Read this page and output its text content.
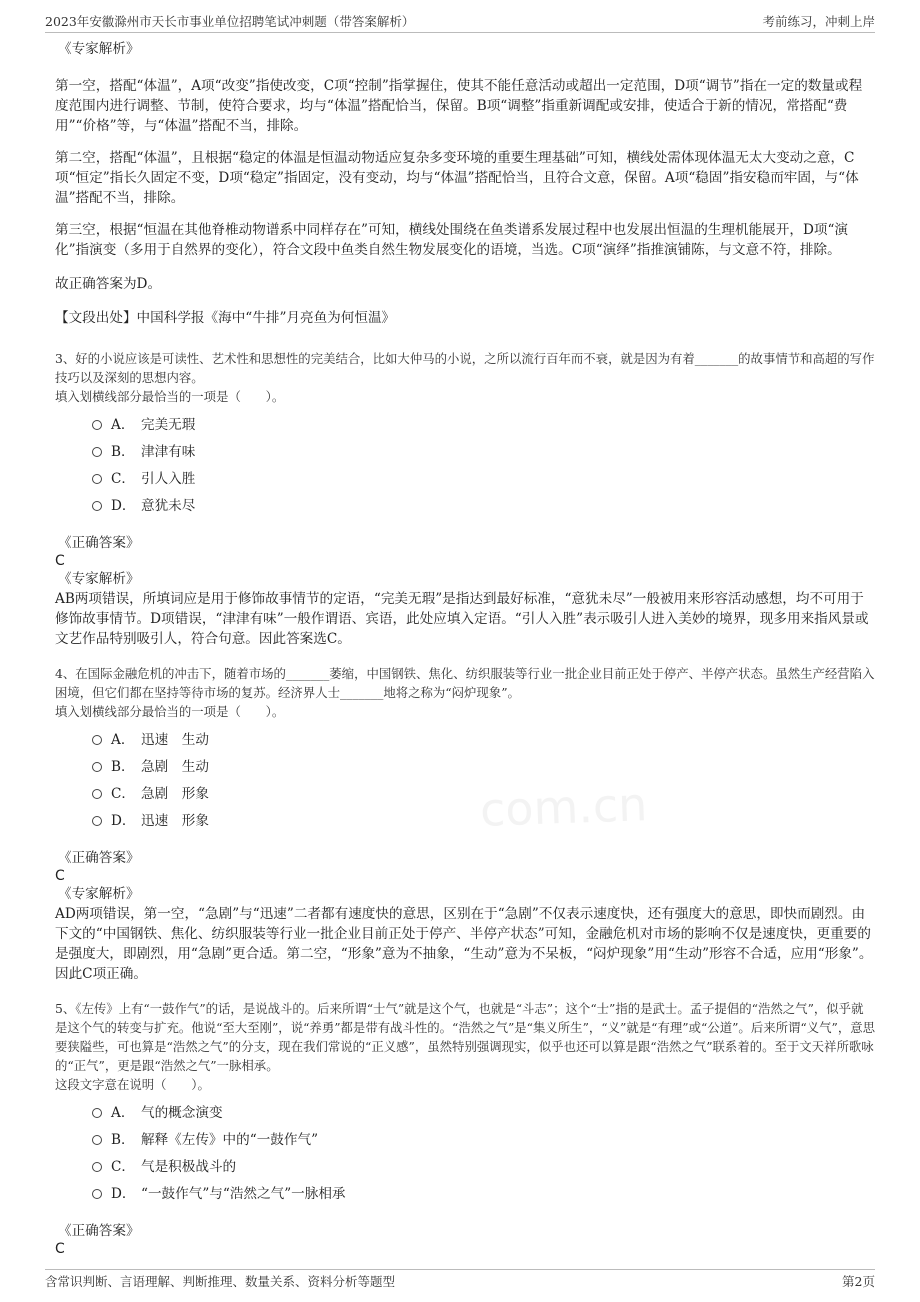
2023年安徽滁州市天长市事业单位招聘笔试冲刺题（带答案解析）	考前练习，冲刺上岸
com.cn

《专家解析》

第一空，搭配“体温”，A项“改变”指使改变，C项“控制”指掌握住，使其不能任意活动或超出一定范围，D项“调节”指在一定的数量或程度范围内进行调整、节制，使符合要求，均与“体温”搭配恰当，保留。B项“调整”指重新调配或安排，使适合于新的情况，常搭配“费用”“价格”等，与“体温”搭配不当，排除。

第二空，搭配“体温”，且根据“稳定的体温是恒温动物适应复杂多变环境的重要生理基础”可知，横线处需体现体温无太大变动之意，C项“恒定”指长久固定不变，D项“稳定”指固定，没有变动，均与“体温”搭配恰当，且符合文意，保留。A项“稳固”指安稳而牢固，与“体温”搭配不当，排除。

第三空，根据“恒温在其他脊椎动物谱系中同样存在”可知，横线处围绕在鱼类谱系发展过程中也发展出恒温的生理机能展开，D项“演化”指演变（多用于自然界的变化），符合文段中鱼类自然生物发展变化的语境，当选。C项“演绎”指推演铺陈，与文意不符，排除。

故正确答案为D。

【文段出处】中国科学报《海中“牛排”月亮鱼为何恒温》

3、好的小说应该是可读性、艺术性和思想性的完美结合，比如大仲马的小说，之所以流行百年而不衰，就是因为有着_______的故事情节和高超的写作技巧以及深刻的思想内容。

填入划横线部分最恰当的一项是（　　）。

A． 完美无瑕
B． 津津有味
C． 引人入胜
D． 意犹未尽

《正确答案》

C

《专家解析》

AB两项错误，所填词应是用于修饰故事情节的定语，“完美无瑕”是指达到最好标准，“意犹未尽”一般被用来形容活动感想，均不可用于修饰故事情节。D项错误，“津津有味”一般作谓语、宾语，此处应填入定语。“引人入胜”表示吸引人进入美妙的境界，现多用来指风景或文艺作品特别吸引人，符合句意。因此答案选C。

4、在国际金融危机的冲击下，随着市场的_______萎缩，中国钢铁、焦化、纺织服装等行业一批企业目前正处于停产、半停产状态。虽然生产经营陷入困境，但它们都在坚持等待市场的复苏。经济界人士_______地将之称为“闷炉现象”。

填入划横线部分最恰当的一项是（　　）。

A． 迅速　生动
B． 急剧　生动
C． 急剧　形象
D． 迅速　形象

《正确答案》

C

《专家解析》

AD两项错误，第一空，“急剧”与“迅速”二者都有速度快的意思，区别在于“急剧”不仅表示速度快，还有强度大的意思，即快而剧烈。由下文的“中国钢铁、焦化、纺织服装等行业一批企业目前正处于停产、半停产状态”可知，金融危机对市场的影响不仅是速度快，更重要的是强度大，即剧烈，用“急剧”更合适。第二空，“形象”意为不抽象，“生动”意为不呆板，“闷炉现象”用“生动”形容不合适，应用“形象”。因此C项正确。

5、《左传》上有“一鼓作气”的话，是说战斗的。后来所谓“士气”就是这个气，也就是“斗志”；这个“士”指的是武士。孟子提倡的“浩然之气”，似乎就是这个气的转变与扩充。他说“至大至刚”，说“养勇”都是带有战斗性的。“浩然之气”是“集义所生”，“义”就是“有理”或“公道”。后来所谓“义气”，意思要狭隘些，可也算是“浩然之气”的分支，现在我们常说的“正义感”，虽然特别强调现实，似乎也还可以算是跟“浩然之气”联系着的。至于文天祥所歌咏的“正气”，更是跟“浩然之气”一脉相承。

这段文字意在说明（　　）。

A． 气的概念演变
B． 解释《左传》中的“一鼓作气”
C． 气是积极战斗的
D． “一鼓作气”与“浩然之气”一脉相承

《正确答案》

C

含常识判断、言语理解、判断推理、数量关系、资料分析等题型	第2页
